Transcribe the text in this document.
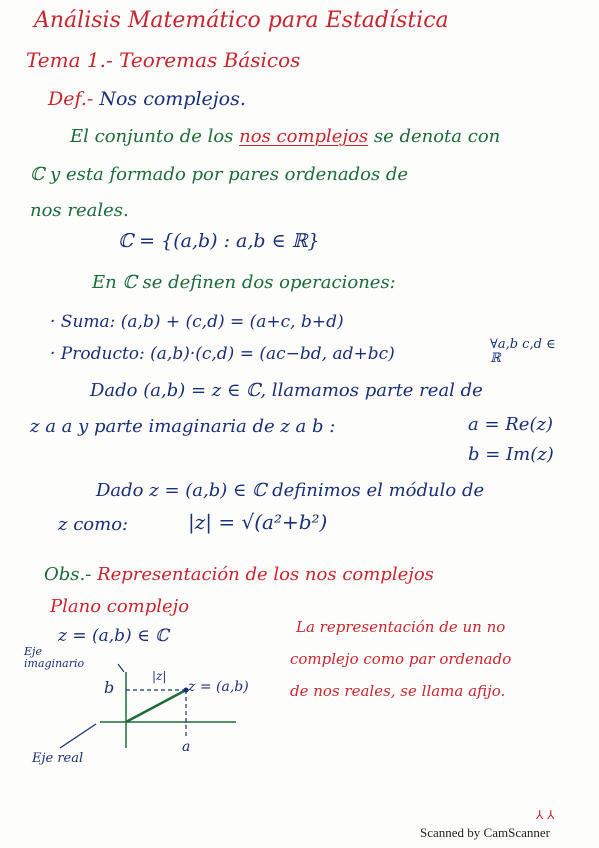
Análisis Matemático para Estadística
Tema 1.- Teoremas Básicos
Def.- Nos complejos.
El conjunto de los nos complejos se denota con
ℂ y esta formado por pares ordenados de
nos reales.
ℂ = {(a,b) : a,b ∈ ℝ}
En ℂ se definen dos operaciones:
· Suma: (a,b) + (c,d) = (a+c, b+d)
· Producto: (a,b)·(c,d) = (ac−bd, ad+bc)	∀a,b c,d ∈ ℝ
Dado (a,b) = z ∈ ℂ, llamamos parte real de
z a a y parte imaginaria de z a b :	a = Re(z)
b = Im(z)
Dado z = (a,b) ∈ ℂ definimos el módulo de
z como:	|z| = √(a²+b²)
Obs.- Representación de los nos complejos
Plano complejo
z = (a,b) ∈ ℂ	La representación de un no
complejo como par ordenado
de nos reales, se llama afijo.
Eje
imaginario
b
|z|
z = (a,b)
a
Eje real
⅄ ⅄
Scanned by CamScanner
